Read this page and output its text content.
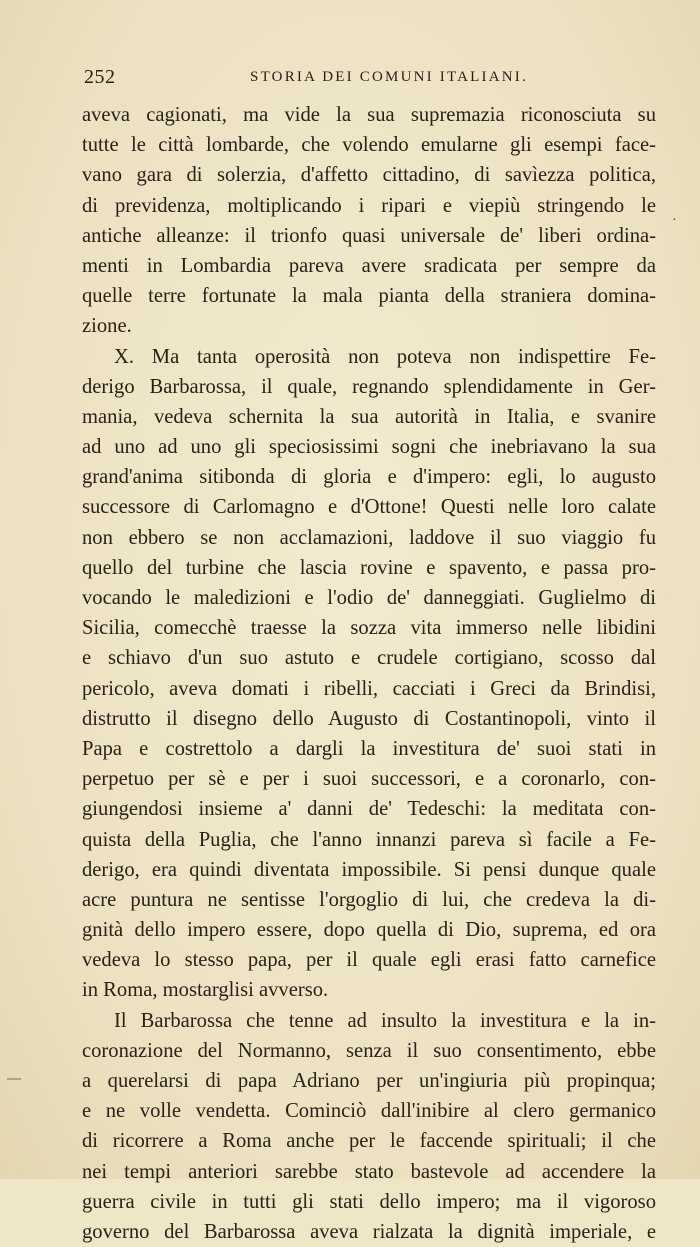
252	STORIA DEI COMUNI ITALIANI.
aveva cagionati, ma vide la sua supremazia riconosciuta su
tutte le città lombarde, che volendo emularne gli esempi face-
vano gara di solerzia, d'affetto cittadino, di savìezza politica,
di previdenza, moltiplicando i ripari e viepiù stringendo le
antiche alleanze: il trionfo quasi universale de' liberi ordina-
menti in Lombardia pareva avere sradicata per sempre da
quelle terre fortunate la mala pianta della straniera domina-
zione.
X. Ma tanta operosità non poteva non indispettire Fe-
derigo Barbarossa, il quale, regnando splendidamente in Ger-
mania, vedeva schernita la sua autorità in Italia, e svanire
ad uno ad uno gli speciosissimi sogni che inebriavano la sua
grand'anima sitibonda di gloria e d'impero: egli, lo augusto
successore di Carlomagno e d'Ottone! Questi nelle loro calate
non ebbero se non acclamazioni, laddove il suo viaggio fu
quello del turbine che lascia rovine e spavento, e passa pro-
vocando le maledizioni e l'odio de' danneggiati. Guglielmo di
Sicilia, comecchè traesse la sozza vita immerso nelle libidini
e schiavo d'un suo astuto e crudele cortigiano, scosso dal
pericolo, aveva domati i ribelli, cacciati i Greci da Brindisi,
distrutto il disegno dello Augusto di Costantinopoli, vinto il
Papa e costrettolo a dargli la investitura de' suoi stati in
perpetuo per sè e per i suoi successori, e a coronarlo, con-
giungendosi insieme a' danni de' Tedeschi: la meditata con-
quista della Puglia, che l'anno innanzi pareva sì facile a Fe-
derigo, era quindi diventata impossibile. Si pensi dunque quale
acre puntura ne sentisse l'orgoglio di lui, che credeva la di-
gnità dello impero essere, dopo quella di Dio, suprema, ed ora
vedeva lo stesso papa, per il quale egli erasi fatto carnefice
in Roma, mostarglisi avverso.
Il Barbarossa che tenne ad insulto la investitura e la in-
coronazione del Normanno, senza il suo consentimento, ebbe
a querelarsi di papa Adriano per un'ingiuria più propinqua;
e ne volle vendetta. Cominciò dall'inibire al clero germanico
di ricorrere a Roma anche per le faccende spirituali; il che
nei tempi anteriori sarebbe stato bastevole ad accendere la
guerra civile in tutti gli stati dello impero; ma il vigoroso
governo del Barbarossa aveva rialzata la dignità imperiale, e
·
